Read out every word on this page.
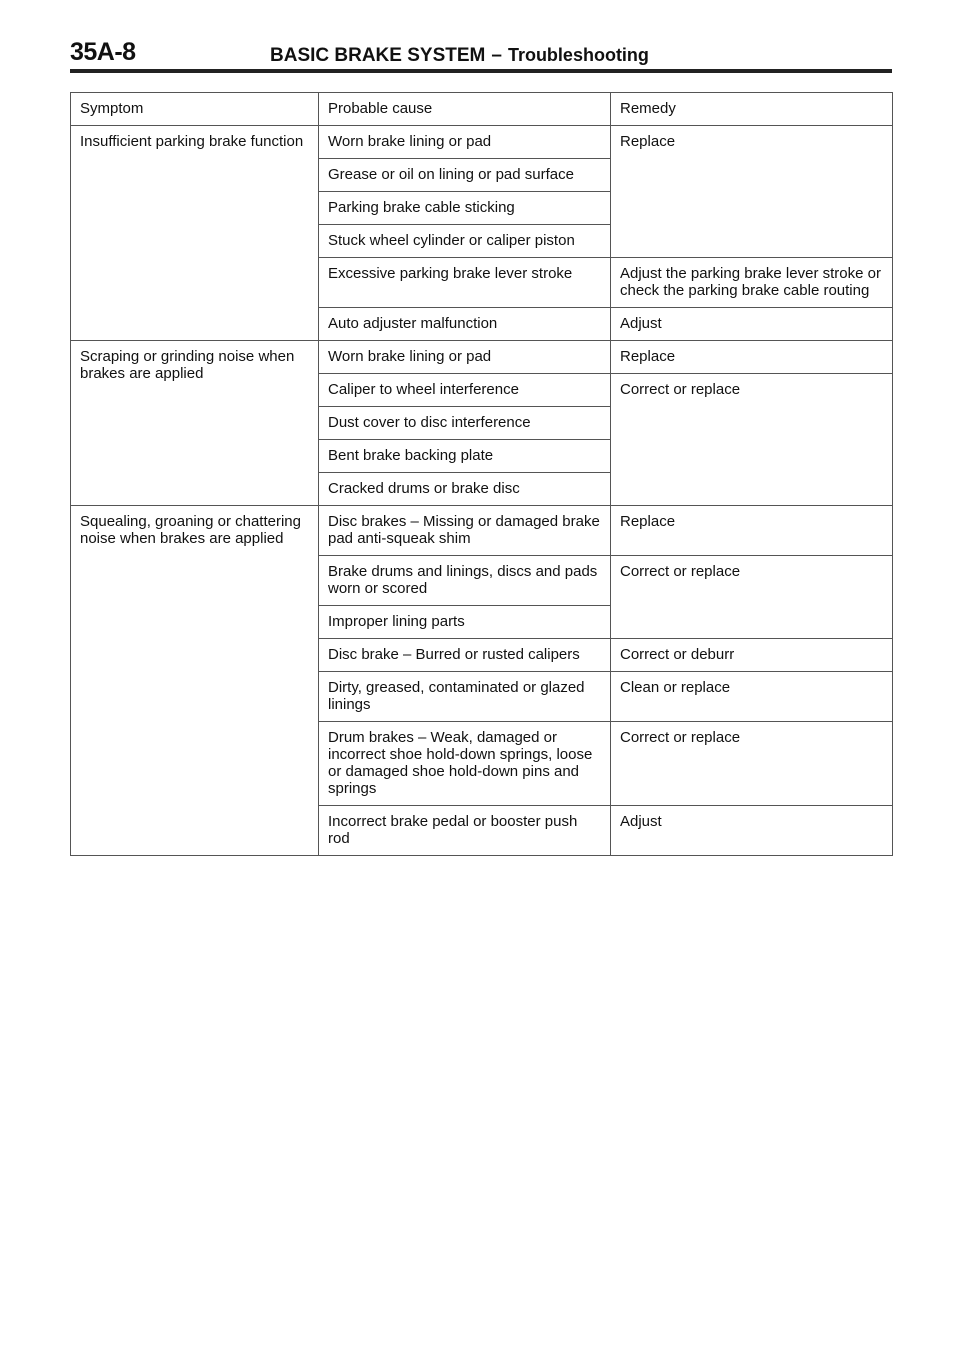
35A-8	BASIC BRAKE SYSTEM – Troubleshooting
Symptom	Probable cause	Remedy
Insufficient parking brake function	Worn brake lining or pad	Replace
	Grease or oil on lining or pad surface	
	Parking brake cable sticking	
	Stuck wheel cylinder or caliper piston	
	Excessive parking brake lever stroke	Adjust the parking brake lever stroke or check the parking brake cable routing
	Auto adjuster malfunction	Adjust
Scraping or grinding noise when brakes are applied	Worn brake lining or pad	Replace
	Caliper to wheel interference	Correct or replace
	Dust cover to disc interference	
	Bent brake backing plate	
	Cracked drums or brake disc	
Squealing, groaning or chattering noise when brakes are applied	Disc brakes – Missing or damaged brake pad anti-squeak shim	Replace
	Brake drums and linings, discs and pads worn or scored	Correct or replace
	Improper lining parts	
	Disc brake – Burred or rusted calipers	Correct or deburr
	Dirty, greased, contaminated or glazed linings	Clean or replace
	Drum brakes – Weak, damaged or incorrect shoe hold-down springs, loose or damaged shoe hold-down pins and springs	Correct or replace
	Incorrect brake pedal or booster push rod	Adjust
